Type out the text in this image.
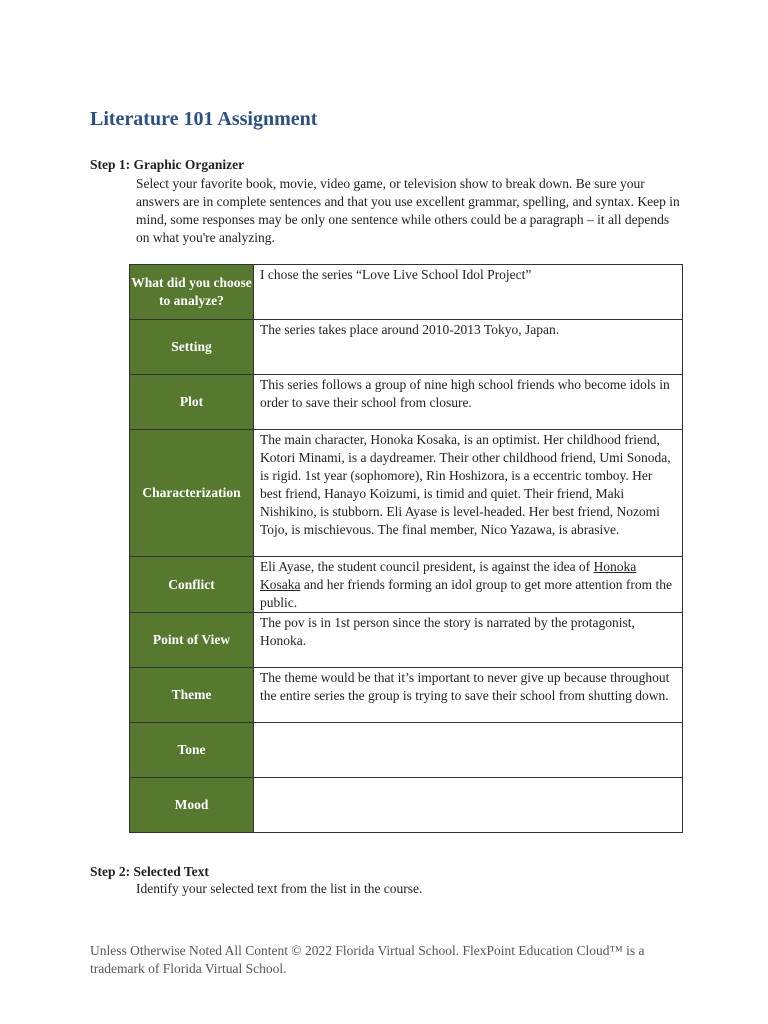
Literature 101 Assignment
Step 1: Graphic Organizer
Select your favorite book, movie, video game, or television show to break down. Be sure your answers are in complete sentences and that you use excellent grammar, spelling, and syntax. Keep in mind, some responses may be only one sentence while others could be a paragraph – it all depends on what you're analyzing.
What did you choose to analyze?	I chose the series “Love Live School Idol Project”
Setting	The series takes place around 2010-2013 Tokyo, Japan.
Plot	This series follows a group of nine high school friends who become idols in order to save their school from closure.
Characterization	The main character, Honoka Kosaka, is an optimist. Her childhood friend, Kotori Minami, is a daydreamer. Their other childhood friend, Umi Sonoda, is rigid. 1st year (sophomore), Rin Hoshizora, is a eccentric tomboy. Her best friend, Hanayo Koizumi, is timid and quiet. Their friend, Maki Nishikino, is stubborn. Eli Ayase is level-headed. Her best friend, Nozomi Tojo, is mischievous. The final member, Nico Yazawa, is abrasive.
Conflict	Eli Ayase, the student council president, is against the idea of Honoka Kosaka and her friends forming an idol group to get more attention from the public.
Point of View	The pov is in 1st person since the story is narrated by the protagonist, Honoka.
Theme	The theme would be that it’s important to never give up because throughout the entire series the group is trying to save their school from shutting down.
Tone	
Mood	
Step 2: Selected Text
Identify your selected text from the list in the course.
Unless Otherwise Noted All Content © 2022 Florida Virtual School. FlexPoint Education Cloud™ is a trademark of Florida Virtual School.
